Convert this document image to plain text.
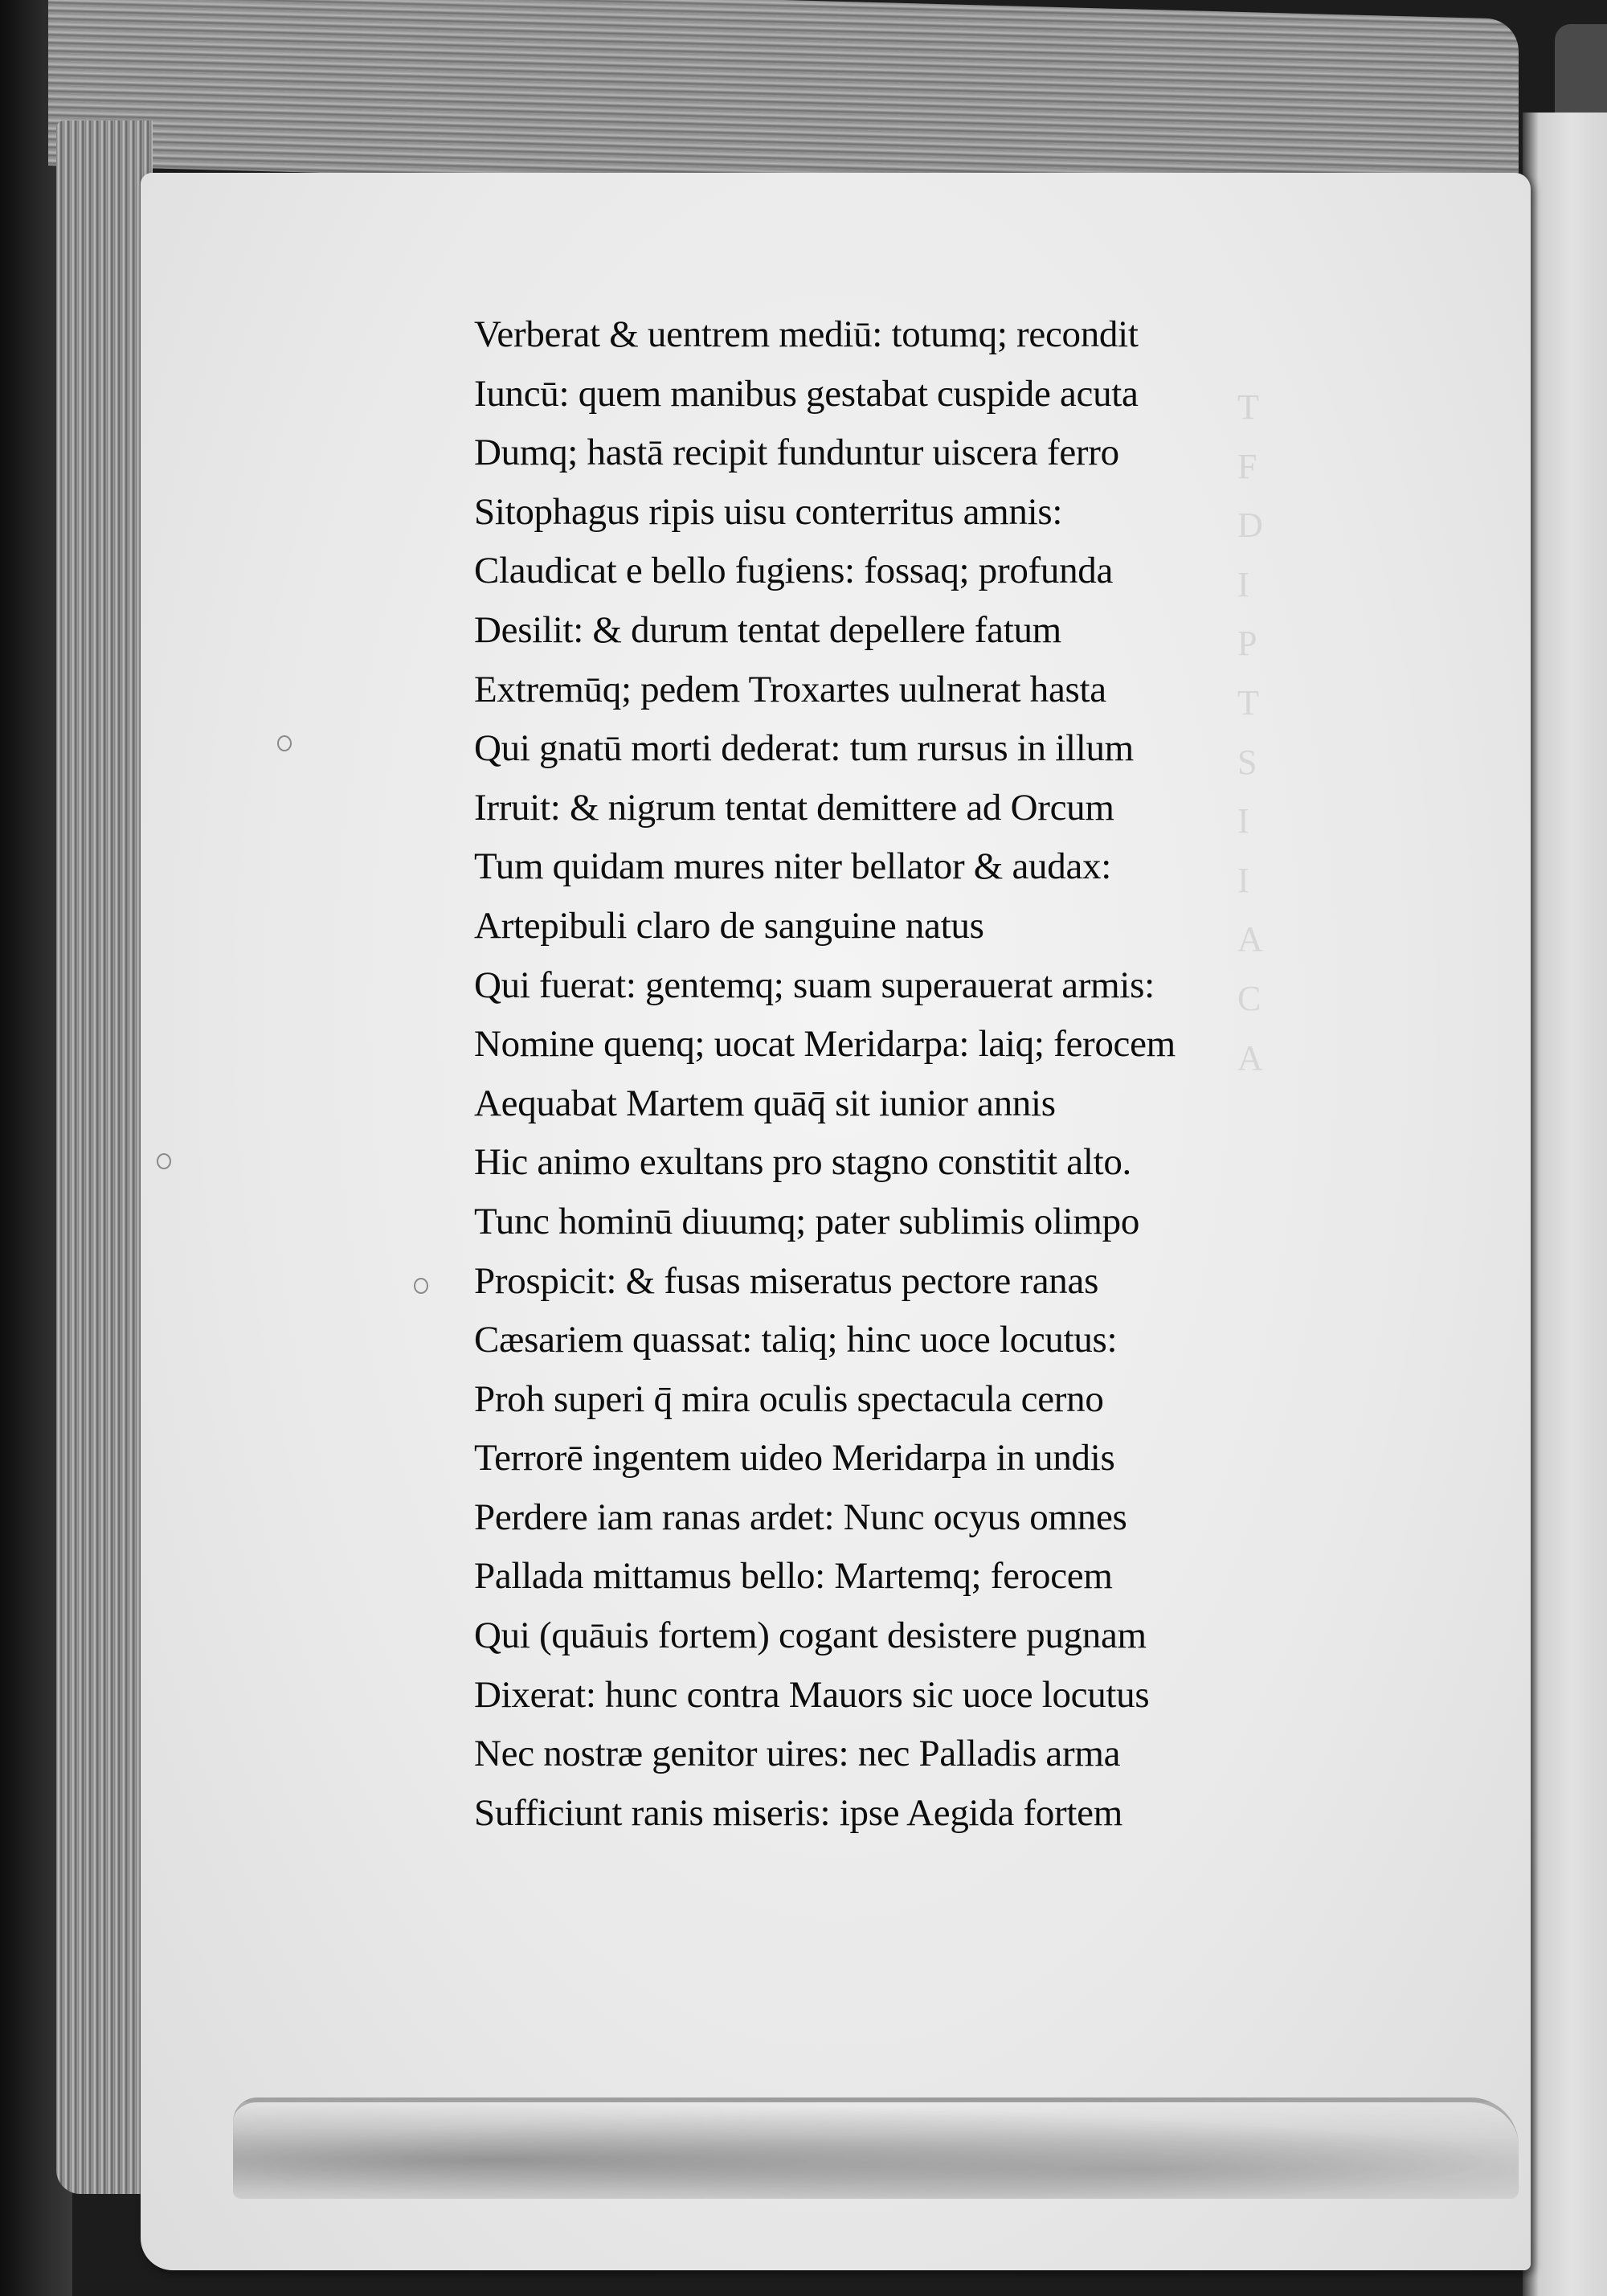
T
F
D
I
P
T
S
I
I
A
C
A
Verberat & uentrem mediū: totumq; recondit
Iuncū: quem manibus gestabat cuspide acuta
Dumq; hastā recipit funduntur uiscera ferro
Sitophagus ripis uisu conterritus amnis:
Claudicat e bello fugiens: fossaq; profunda
Desilit: & durum tentat depellere fatum
Extremūq; pedem Troxartes uulnerat hasta
Qui gnatū morti dederat: tum rursus in illum
Irruit: & nigrum tentat demittere ad Orcum
Tum quidam mures niter bellator & audax:
Artepibuli claro de sanguine natus
Qui fuerat: gentemq; suam superauerat armis:
Nomine quenq; uocat Meridarpa: laiq; ferocem
Aequabat Martem quāq̄ sit iunior annis
Hic animo exultans pro stagno constitit alto.
Tunc hominū diuumq; pater sublimis olimpo
Prospicit: & fusas miseratus pectore ranas
Cæsariem quassat: taliq; hinc uoce locutus:
Proh superi q̄ mira oculis spectacula cerno
Terrorē ingentem uideo Meridarpa in undis
Perdere iam ranas ardet: Nunc ocyus omnes
Pallada mittamus bello: Martemq; ferocem
Qui (quāuis fortem) cogant desistere pugnam
Dixerat: hunc contra Mauors sic uoce locutus
Nec nostræ genitor uires: nec Palladis arma
Sufficiunt ranis miseris: ipse Aegida fortem
